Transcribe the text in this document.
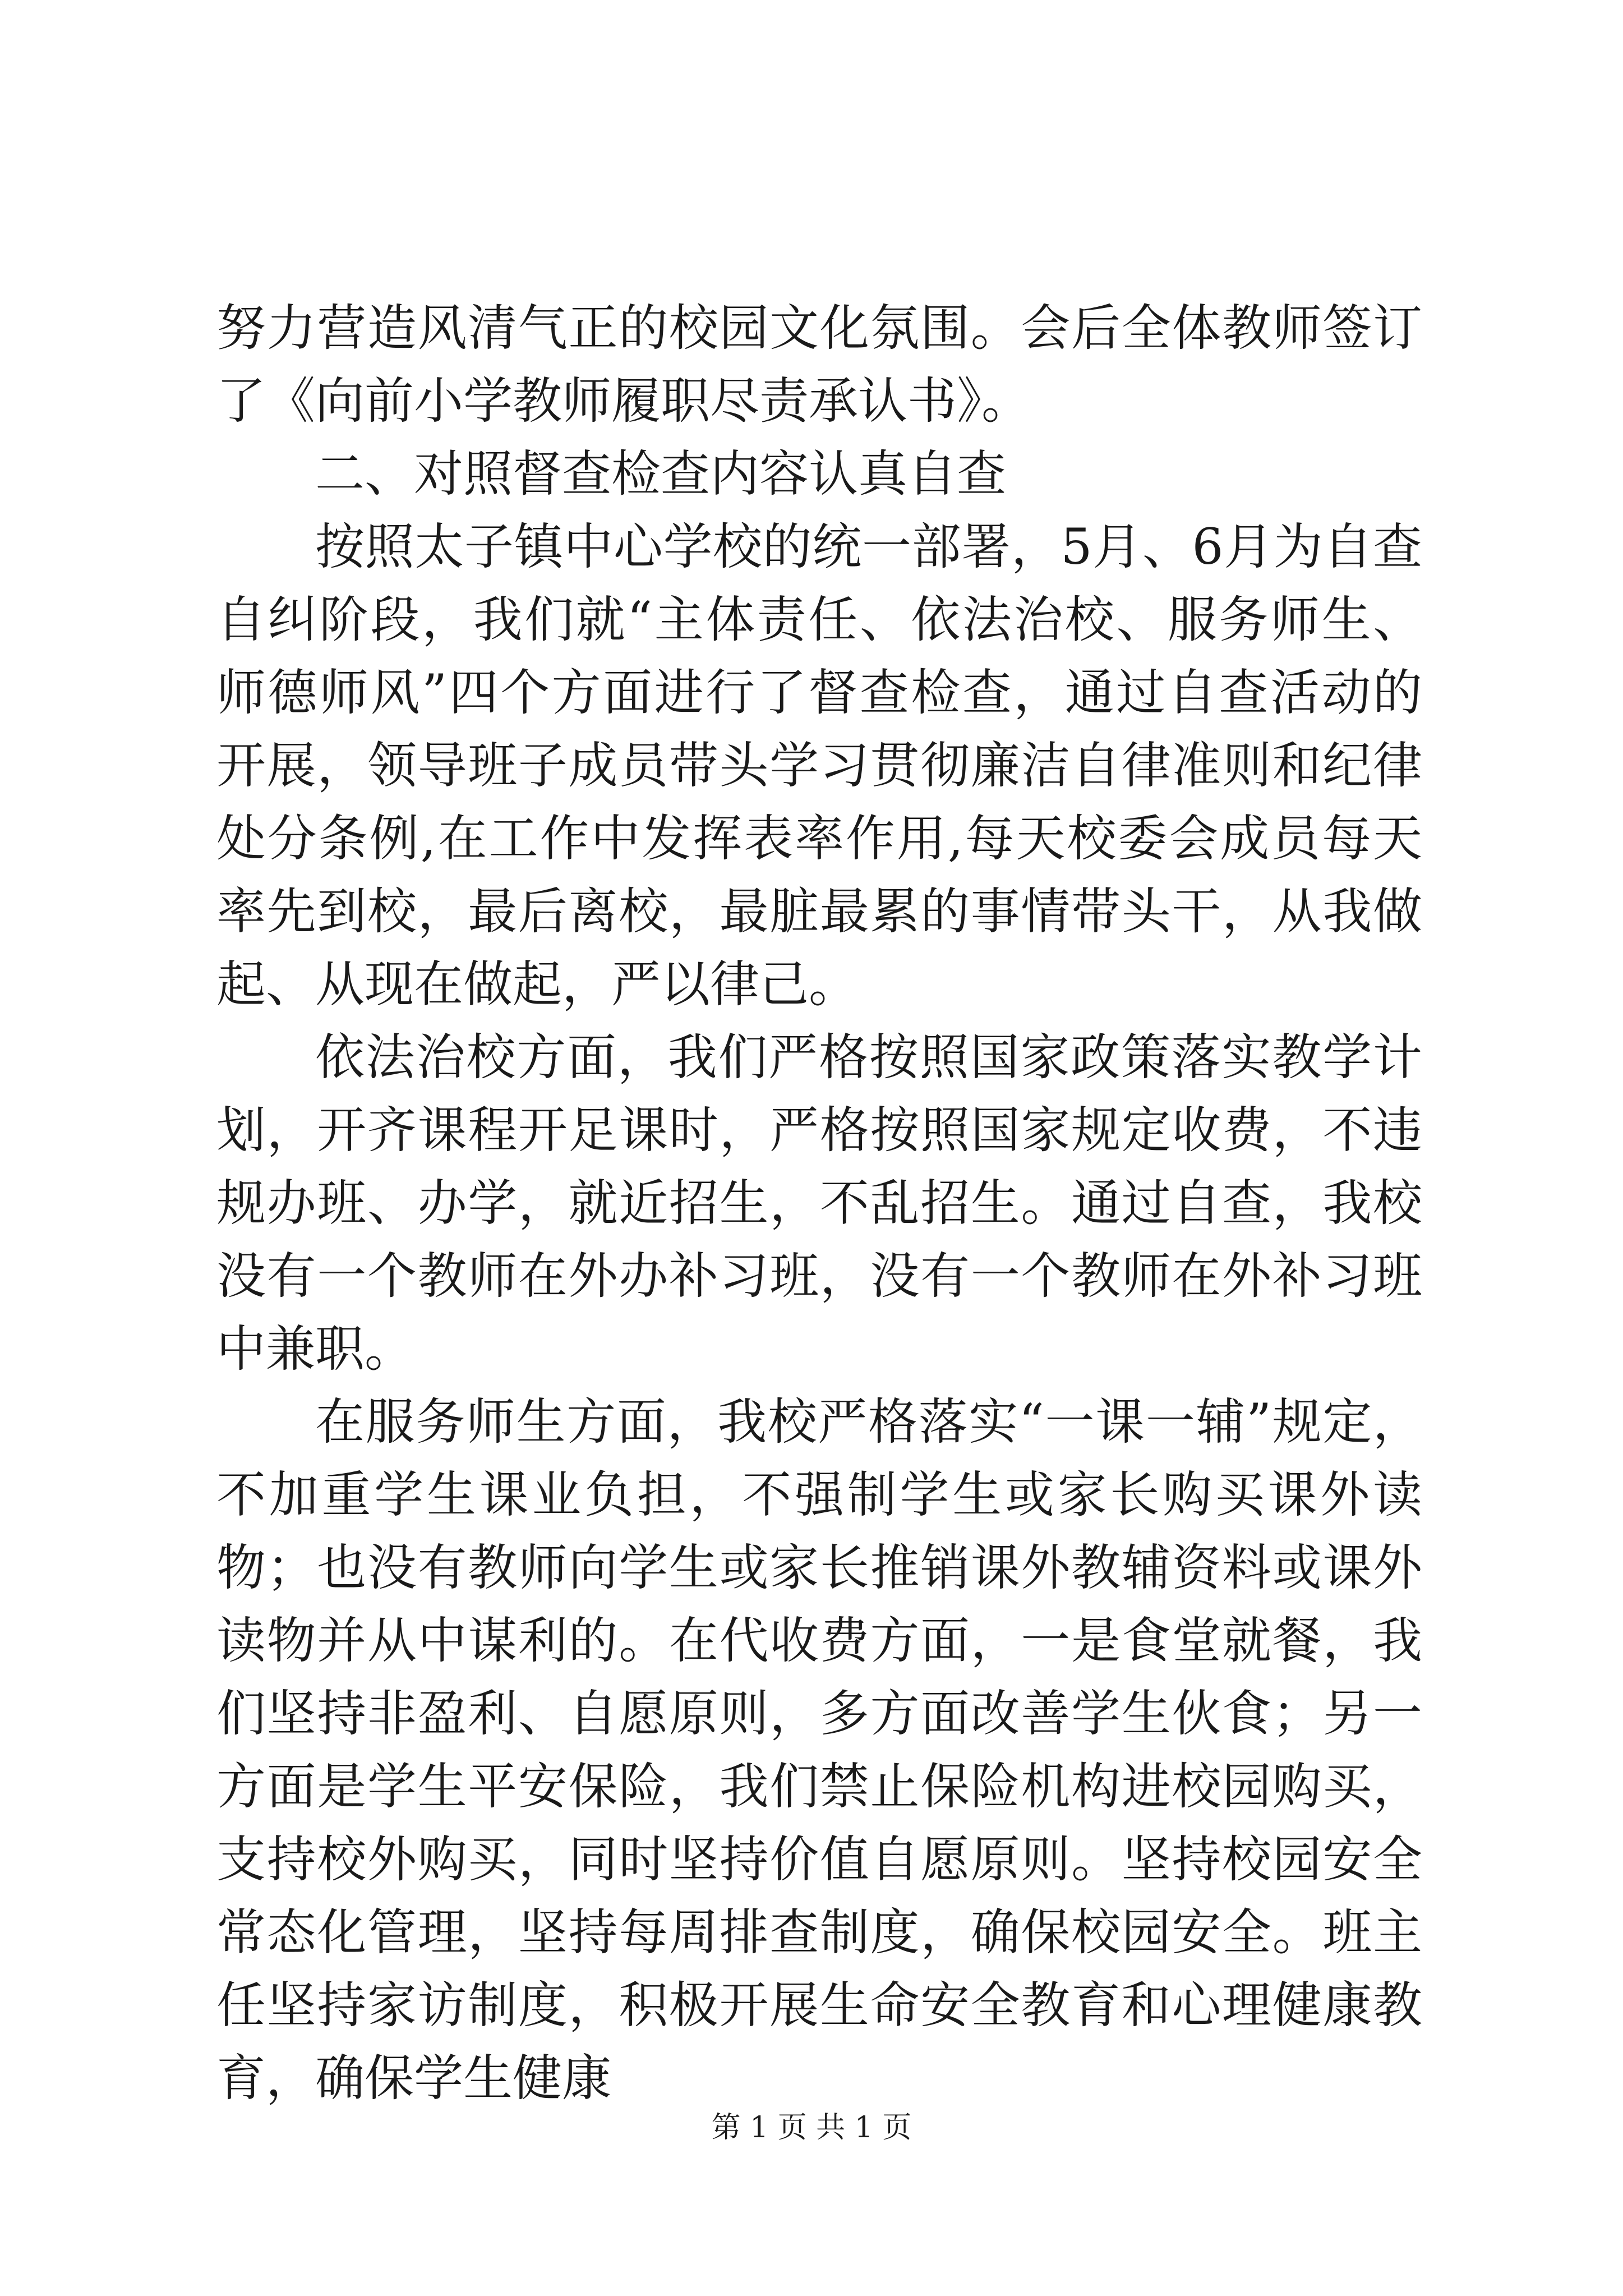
努力营造风清气正的校园文化氛围。会后全体教师签订了《向前小学教师履职尽责承认书》。

二、对照督查检查内容认真自查

按照太子镇中心学校的统一部署，5月、6月为自查自纠阶段，我们就“主体责任、依法治校、服务师生、师德师风”四个方面进行了督查检查，通过自查活动的开展，领导班子成员带头学习贯彻廉洁自律准则和纪律处分条例,在工作中发挥表率作用,每天校委会成员每天率先到校，最后离校，最脏最累的事情带头干，从我做起、从现在做起，严以律己。

依法治校方面，我们严格按照国家政策落实教学计划，开齐课程开足课时，严格按照国家规定收费，不违规办班、办学，就近招生，不乱招生。通过自查，我校没有一个教师在外办补习班，没有一个教师在外补习班中兼职。

在服务师生方面，我校严格落实“一课一辅”规定，不加重学生课业负担，不强制学生或家长购买课外读物；也没有教师向学生或家长推销课外教辅资料或课外读物并从中谋利的。在代收费方面，一是食堂就餐，我们坚持非盈利、自愿原则，多方面改善学生伙食；另一方面是学生平安保险，我们禁止保险机构进校园购买，支持校外购买，同时坚持价值自愿原则。坚持校园安全常态化管理，坚持每周排查制度，确保校园安全。班主任坚持家访制度，积极开展生命安全教育和心理健康教育，确保学生健康

第 1 页 共 1 页
